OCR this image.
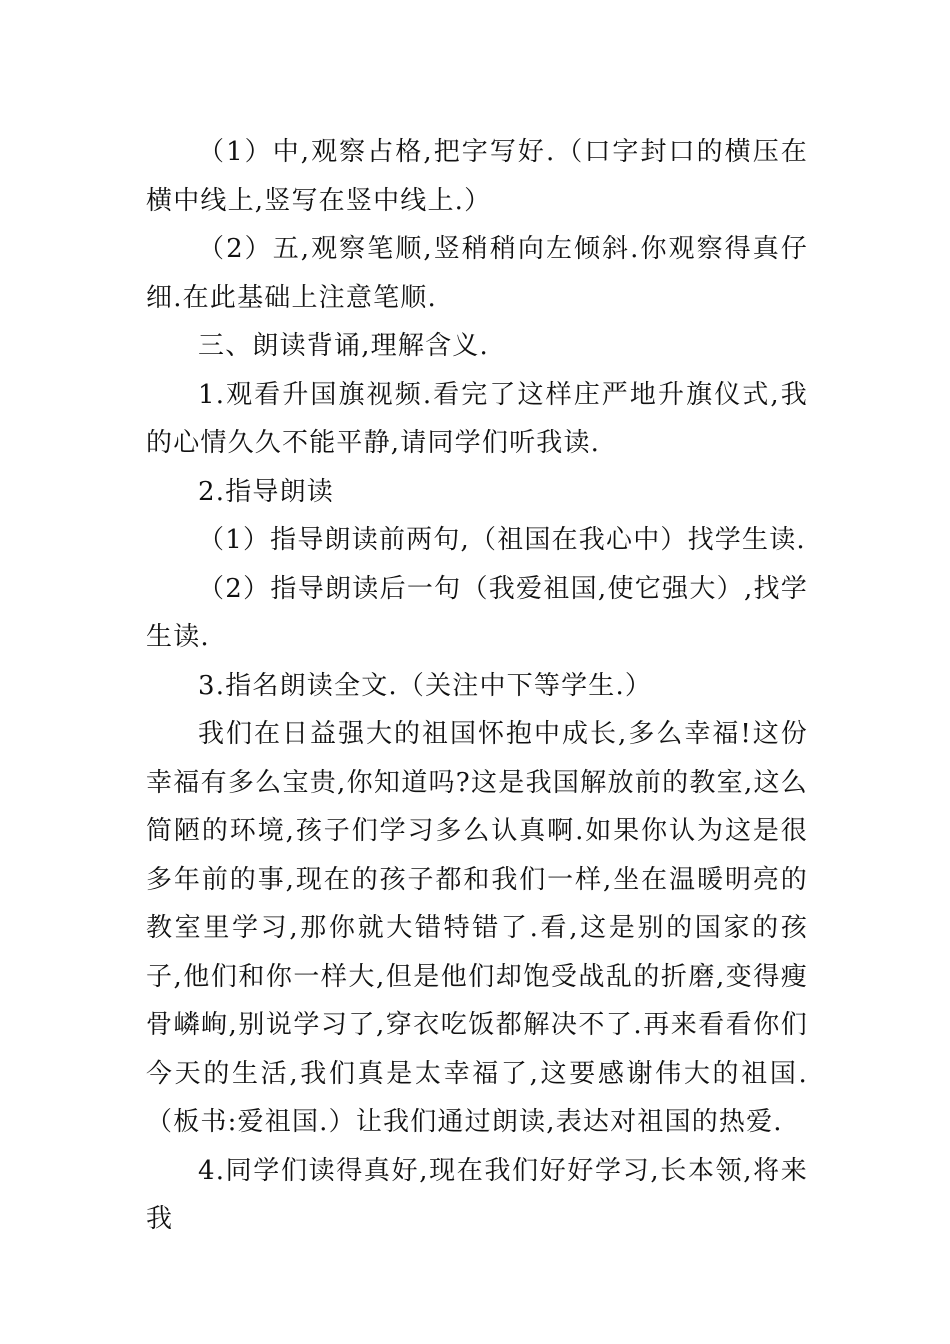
（1）中,观察占格,把字写好.（口字封口的横压在横中线上,竖写在竖中线上.）

（2）五,观察笔顺,竖稍稍向左倾斜.你观察得真仔细.在此基础上注意笔顺.

三、朗读背诵,理解含义.

1.观看升国旗视频.看完了这样庄严地升旗仪式,我的心情久久不能平静,请同学们听我读.

2.指导朗读

（1）指导朗读前两句,（祖国在我心中）找学生读.

（2）指导朗读后一句（我爱祖国,使它强大）,找学生读.

3.指名朗读全文.（关注中下等学生.）

我们在日益强大的祖国怀抱中成长,多么幸福!这份幸福有多么宝贵,你知道吗?这是我国解放前的教室,这么简陋的环境,孩子们学习多么认真啊.如果你认为这是很多年前的事,现在的孩子都和我们一样,坐在温暖明亮的教室里学习,那你就大错特错了.看,这是别的国家的孩子,他们和你一样大,但是他们却饱受战乱的折磨,变得瘦骨嶙峋,别说学习了,穿衣吃饭都解决不了.再来看看你们今天的生活,我们真是太幸福了,这要感谢伟大的祖国.（板书:爱祖国.）让我们通过朗读,表达对祖国的热爱.

4.同学们读得真好,现在我们好好学习,长本领,将来我
